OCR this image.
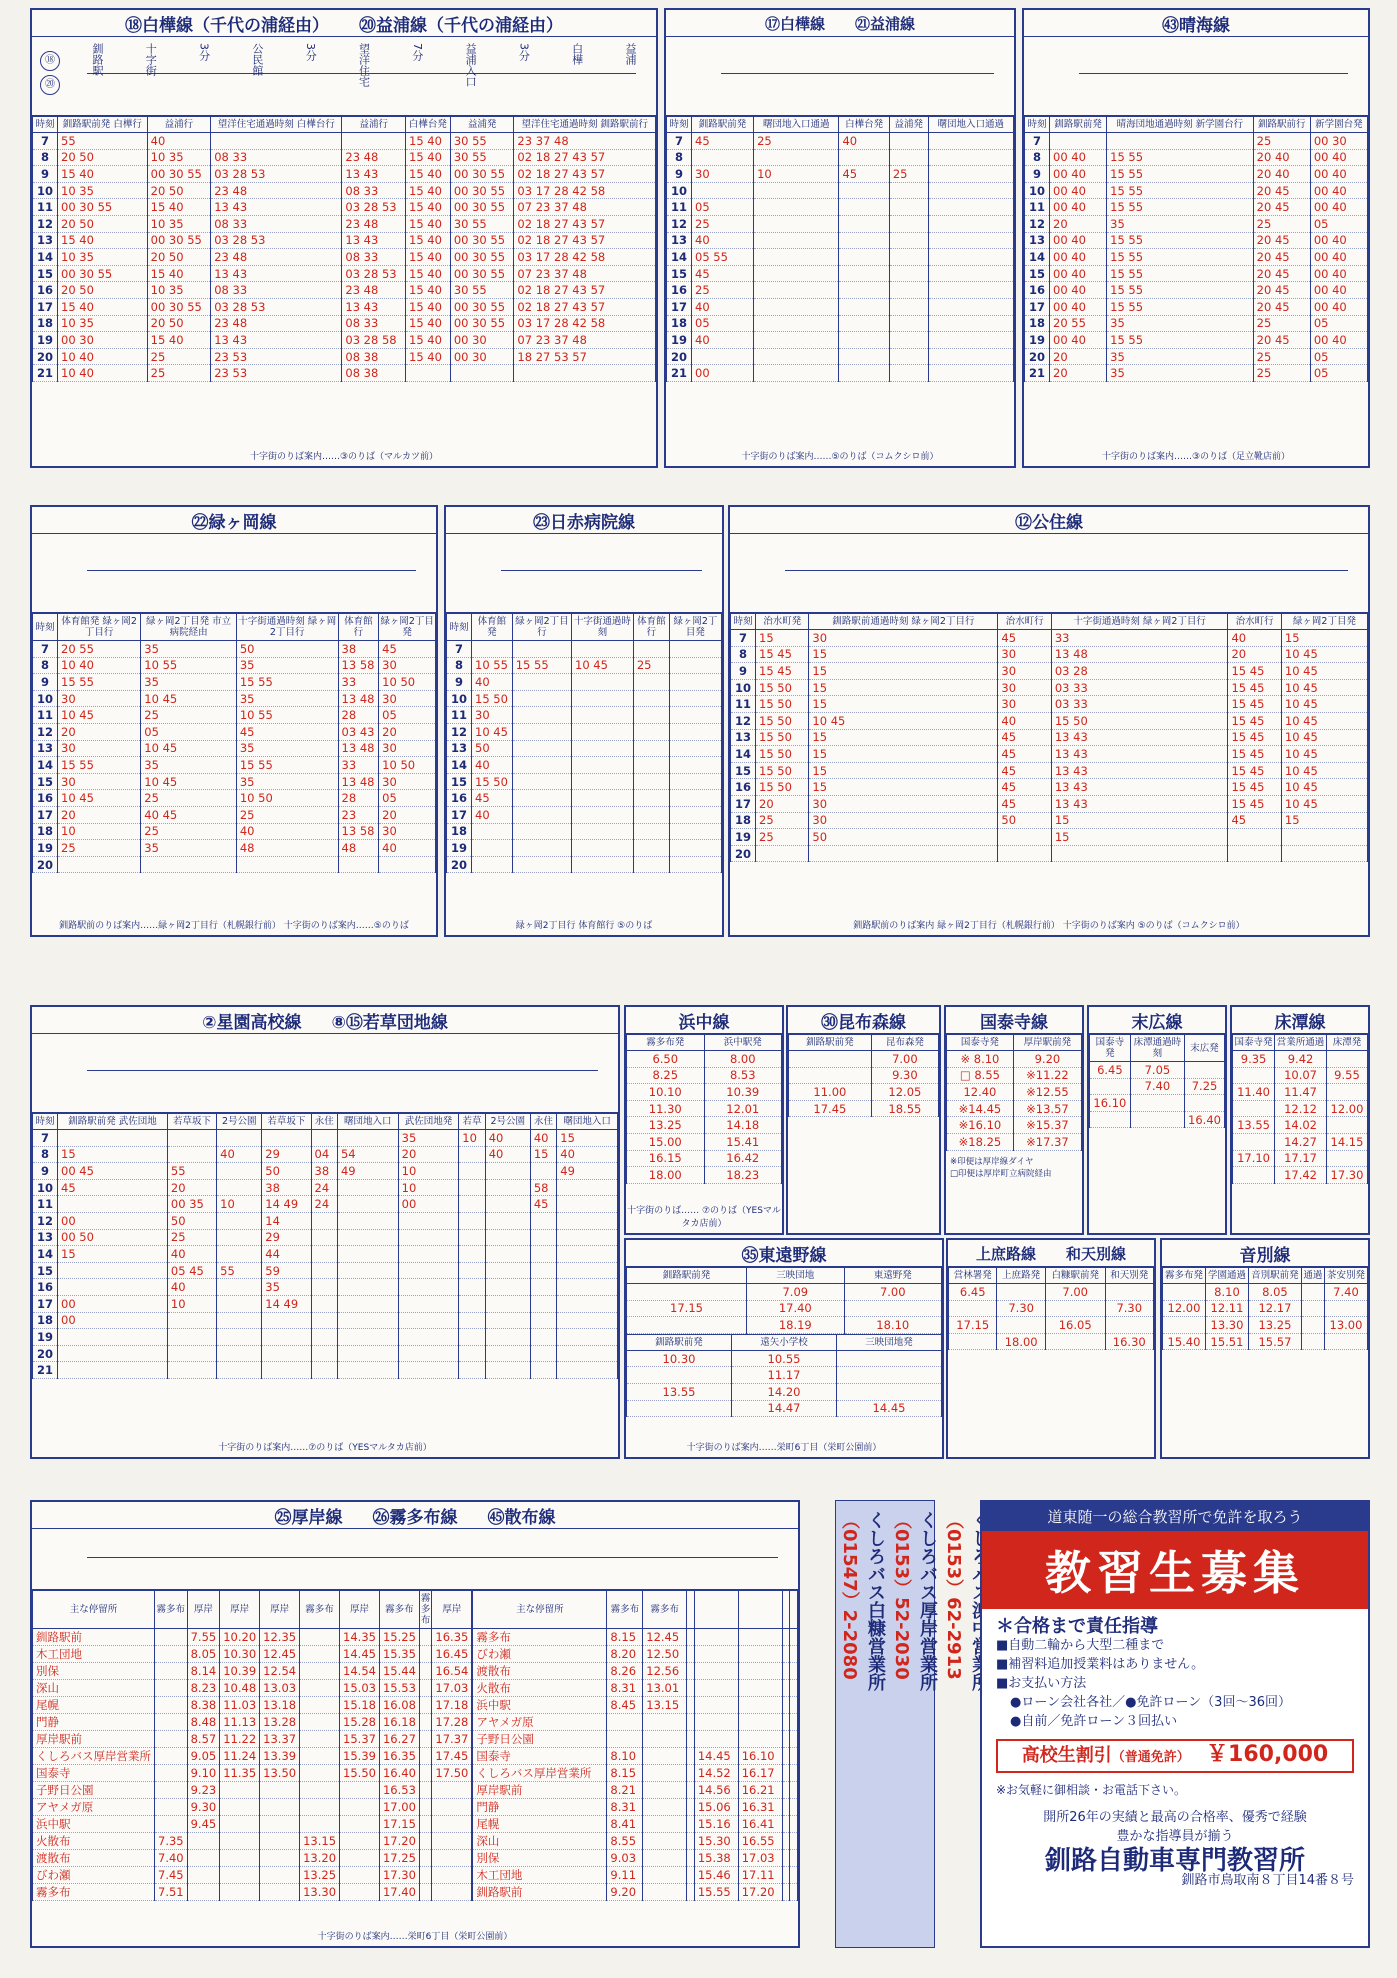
⑱白樺線（千代の浦経由） ⑳益浦線（千代の浦経由）
⑱
⑳
釧路駅	十字街	3分	公民館	3分	望洋住宅	7分	益浦入口	3分	白樺	益浦
時刻	釧路駅前発 白樺行	益浦行	望洋住宅通過時刻 白樺台行	益浦行	白樺台発	益浦発	望洋住宅通過時刻 釧路駅前行
7	55	40			15 40	30 55	23 37 48
8	20 50	10 35	08 33	23 48	15 40	30 55	02 18 27 43 57
9	15 40	00 30 55	03 28 53	13 43	15 40	00 30 55	02 18 27 43 57
10	10 35	20 50	23 48	08 33	15 40	00 30 55	03 17 28 42 58
11	00 30 55	15 40	13 43	03 28 53	15 40	00 30 55	07 23 37 48
12	20 50	10 35	08 33	23 48	15 40	30 55	02 18 27 43 57
13	15 40	00 30 55	03 28 53	13 43	15 40	00 30 55	02 18 27 43 57
14	10 35	20 50	23 48	08 33	15 40	00 30 55	03 17 28 42 58
15	00 30 55	15 40	13 43	03 28 53	15 40	00 30 55	07 23 37 48
16	20 50	10 35	08 33	23 48	15 40	30 55	02 18 27 43 57
17	15 40	00 30 55	03 28 53	13 43	15 40	00 30 55	02 18 27 43 57
18	10 35	20 50	23 48	08 33	15 40	00 30 55	03 17 28 42 58
19	00 30	15 40	13 43	03 28 58	15 40	00 30	07 23 37 48
20	10 40	25	23 53	08 38	15 40	00 30	18 27 53 57
21	10 40	25	23 53	08 38			
十字街のりば案内……③のりば（マルカツ前）
⑰白樺線 ㉑益浦線
時刻	釧路駅前発	曙団地入口通過	白樺台発	益浦発	曙団地入口通過
7	45	25	40		
8					
9	30	10	45	25	
10					
11	05				
12	25				
13	40				
14	05 55				
15	45				
16	25				
17	40				
18	05				
19	40				
20					
21	00				
十字街のりば案内……⑤のりば（コムクシロ前）
㊸晴海線
時刻	釧路駅前発	晴海団地通過時刻 新学園台行	釧路駅前行	新学園台発
7			25	00 30
8	00 40	15 55	20 40	00 40
9	00 40	15 55	20 40	00 40
10	00 40	15 55	20 45	00 40
11	00 40	15 55	20 45	00 40
12	20	35	25	05
13	00 40	15 55	20 45	00 40
14	00 40	15 55	20 45	00 40
15	00 40	15 55	20 45	00 40
16	00 40	15 55	20 45	00 40
17	00 40	15 55	20 45	00 40
18	20 55	35	25	05
19	00 40	15 55	20 45	00 40
20	20	35	25	05
21	20	35	25	05
十字街のりば案内……③のりば（足立靴店前）
㉒緑ヶ岡線
時刻	体育館発 緑ヶ岡2丁目行	緑ヶ岡2丁目発 市立病院経由	十字街通過時刻 緑ヶ岡2丁目行	体育館行	緑ヶ岡2丁目発
7	20 55	35	50	38	45
8	10 40	10 55	35	13 58	30
9	15 55	35	15 55	33	10 50
10	30	10 45	35	13 48	30
11	10 45	25	10 55	28	05
12	20	05	45	03 43	20
13	30	10 45	35	13 48	30
14	15 55	35	15 55	33	10 50
15	30	10 45	35	13 48	30
16	10 45	25	10 50	28	05
17	20	40 45	25	23	20
18	10	25	40	13 58	30
19	25	35	48	48	40
20					
釧路駅前のりば案内……緑ヶ岡2丁目行（札幌銀行前） 十字街のりば案内……⑤のりば
㉓日赤病院線
時刻	体育館発	緑ヶ岡2丁目行	十字街通過時刻	体育館行	緑ヶ岡2丁目発
7					
8	10 55	15 55	10 45	25	
9	40				
10	15 50				
11	30				
12	10 45				
13	50				
14	40				
15	15 50				
16	45				
17	40				
18					
19					
20					
緑ヶ岡2丁目行 体育館行 ⑤のりば
⑫公住線
時刻	治水町発	釧路駅前通過時刻 緑ヶ岡2丁目行	治水町行	十字街通過時刻 緑ヶ岡2丁目行	治水町行	緑ヶ岡2丁目発
7	15	30	45	33	40	15
8	15 45	15	30	13 48	20	10 45
9	15 45	15	30	03 28	15 45	10 45
10	15 50	15	30	03 33	15 45	10 45
11	15 50	15	30	03 33	15 45	10 45
12	15 50	10 45	40	15 50	15 45	10 45
13	15 50	15	45	13 43	15 45	10 45
14	15 50	15	45	13 43	15 45	10 45
15	15 50	15	45	13 43	15 45	10 45
16	15 50	15	45	13 43	15 45	10 45
17	20	30	45	13 43	15 45	10 45
18	25	30	50	15	45	15
19	25	50		15		
20						
釧路駅前のりば案内 緑ヶ岡2丁目行（札幌銀行前） 十字街のりば案内 ⑤のりば（コムクシロ前）
②星園高校線 ⑧⑮若草団地線
時刻	釧路駅前発 武佐団地	若草坂下	2号公園	若草坂下	永住	曙団地入口	武佐団地発	若草	2号公園	永住	曙団地入口
7							35	10	40	40	15
8	15		40	29	04	54	20		40	15	40
9	00 45	55		50	38	49	10				49
10	45	20		38	24		10			58	
11		00 35	10	14 49	24		00			45	
12	00	50		14							
13	00 50	25		29							
14	15	40		44							
15		05 45	55	59							
16		40		35							
17	00	10		14 49							
18	00										
19											
20											
21											
十字街のりば案内……⑦のりば（YESマルタカ店前）
浜中線
霧多布発	浜中駅発
6.50	8.00
8.25	8.53
10.10	10.39
11.30	12.01
13.25	14.18
15.00	15.41
16.15	16.42
18.00	18.23
十字街のりば…… ⑦のりば（YESマルタカ店前）
㉚昆布森線
釧路駅前発	昆布森発
	7.00
	9.30
11.00	12.05
17.45	18.55
国泰寺線
国泰寺発	厚岸駅前発
※ 8.10	9.20
□ 8.55	※11.22
12.40	※12.55
※14.45	※13.57
※16.10	※15.37
※18.25	※17.37
※印便は厚岸線ダイヤ
□印便は厚岸町立病院経由
末広線
国泰寺発	床潭通過時刻	末広発
6.45	7.05	
	7.40	7.25
16.10		
		16.40
床潭線
国泰寺発	営業所通過	床潭発
9.35	9.42	
	10.07	9.55
11.40	11.47	
	12.12	12.00
13.55	14.02	
	14.27	14.15
17.10	17.17	
	17.42	17.30
㉟東遠野線
釧路駅前発	三映団地	東遠野発
	7.09	7.00
17.15	17.40	
	18.19	18.10
釧路駅前発	遠矢小学校	三映団地発
10.30	10.55	
	11.17	
13.55	14.20	
	14.47	14.45
十字街のりば案内……栄町6丁目（栄町公園前）
上庶路線 和天別線
営林署発	上庶路発	白糠駅前発	和天別発
6.45		7.00	
	7.30		7.30
17.15		16.05	
	18.00		16.30
音別線
霧多布発	学園通過	音別駅前発	通過	茶安別発
	8.10	8.05		7.40
12.00	12.11	12.17		
	13.30	13.25		13.00
15.40	15.51	15.57		
㉕厚岸線 ㉖霧多布線 ㊺散布線
主な停留所	霧多布	厚岸	厚岸	厚岸	霧多布	厚岸	霧多布	霧多布	厚岸
釧路駅前		7.55	10.20	12.35		14.35	15.25		16.35
木工団地		8.05	10.30	12.45		14.45	15.35		16.45
別保		8.14	10.39	12.54		14.54	15.44		16.54
深山		8.23	10.48	13.03		15.03	15.53		17.03
尾幌		8.38	11.03	13.18		15.18	16.08		17.18
門静		8.48	11.13	13.28		15.28	16.18		17.28
厚岸駅前		8.57	11.22	13.37		15.37	16.27		17.37
くしろバス厚岸営業所		9.05	11.24	13.39		15.39	16.35		17.45
国泰寺		9.10	11.35	13.50		15.50	16.40		17.50
子野日公園		9.23					16.53		
アヤメガ原		9.30					17.00		
浜中駅		9.45					17.15		
火散布	7.35				13.15		17.20		
渡散布	7.40				13.20		17.25		
びわ瀬	7.45				13.25		17.30		
霧多布	7.51				13.30		17.40		
主な停留所	霧多布	霧多布					
霧多布	8.15	12.45					
びわ瀬	8.20	12.50					
渡散布	8.26	12.56					
火散布	8.31	13.01					
浜中駅	8.45	13.15					
アヤメガ原							
子野日公園							
国泰寺	8.10			14.45	16.10		
くしろバス厚岸営業所	8.15			14.52	16.17		
厚岸駅前	8.21			14.56	16.21		
門静	8.31			15.06	16.31		
尾幌	8.41			15.16	16.41		
深山	8.55			15.30	16.55		
別保	9.03			15.38	17.03		
木工団地	9.11			15.46	17.11		
釧路駅前	9.20			15.55	17.20		
十字街のりば案内……栄町6丁目（栄町公園前）
くしろバス白糠営業所
（01547）2-2080	くしろバス厚岸営業所
（0153）52-2030	（0153）62-2913	道東随一の総合教習所で免許を取ろう
教習生募集
＊合格まで責任指導
■自動二輪から大型二種まで
■補習料追加授業料はありません。
■お支払い方法
●ローン会社各社／●免許ローン（3回～36回）
●自前／免許ローン３回払い
高校生割引（普通免許） ￥160,000
※お気軽に御相談・お電話下さい。
開所26年の実績と最高の合格率、優秀で経験
豊かな指導員が揃う
釧路自動車専門教習所
釧路市鳥取南８丁目14番８号
